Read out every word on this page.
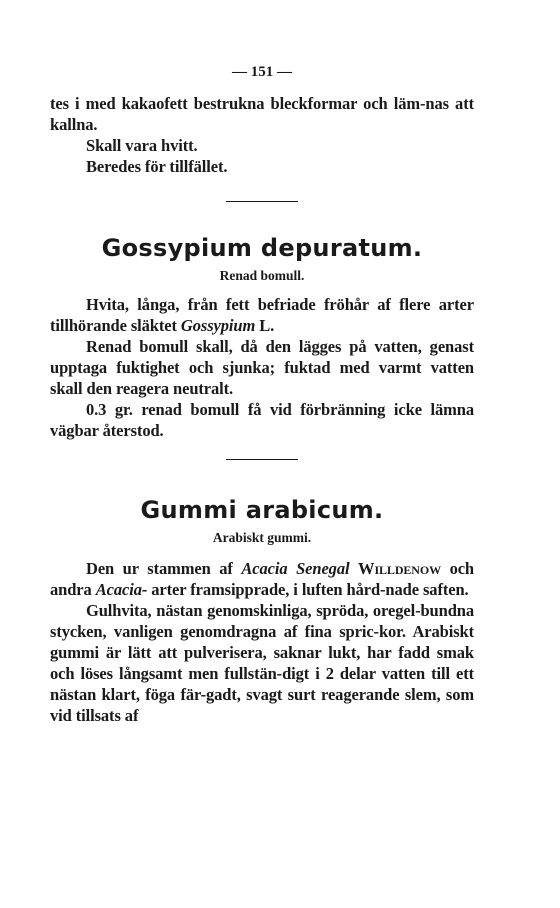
— 151 —

tes i med kakaofett bestrukna bleckformar och läm-nas att kallna.

Skall vara hvitt.

Beredes för tillfället.

Gossypium depuratum.
Renad bomull.

Hvita, långa, från fett befriade fröhår af flere arter tillhörande släktet Gossypium L.

Renad bomull skall, då den lägges på vatten, genast upptaga fuktighet och sjunka; fuktad med varmt vatten skall den reagera neutralt.

0.3 gr. renad bomull få vid förbränning icke lämna vägbar återstod.

Gummi arabicum.
Arabiskt gummi.

Den ur stammen af Acacia Senegal Willdenow och andra Acacia- arter framsipprade, i luften hård-nade saften.

Gulhvita, nästan genomskinliga, spröda, oregel-bundna stycken, vanligen genomdragna af fina spric-kor. Arabiskt gummi är lätt att pulverisera, saknar lukt, har fadd smak och löses långsamt men fullstän-digt i 2 delar vatten till ett nästan klart, föga fär-gadt, svagt surt reagerande slem, som vid tillsats af
